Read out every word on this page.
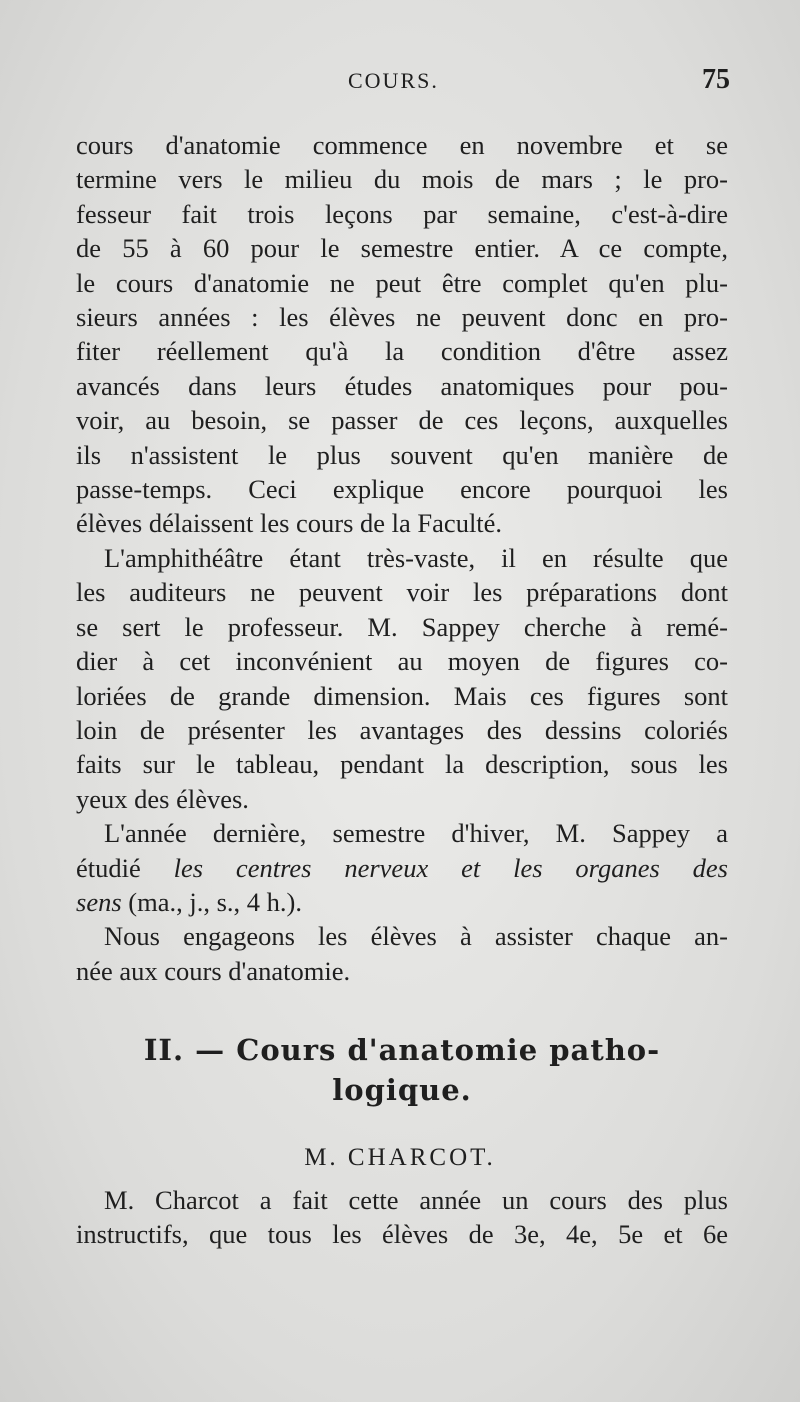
COURS.	75

cours d'anatomie commence en novembre et se
termine vers le milieu du mois de mars ; le pro-
fesseur fait trois leçons par semaine, c'est-à-dire
de 55 à 60 pour le semestre entier. A ce compte,
le cours d'anatomie ne peut être complet qu'en plu-
sieurs années : les élèves ne peuvent donc en pro-
fiter réellement qu'à la condition d'être assez
avancés dans leurs études anatomiques pour pou-
voir, au besoin, se passer de ces leçons, auxquelles
ils n'assistent le plus souvent qu'en manière de
passe-temps. Ceci explique encore pourquoi les
élèves délaissent les cours de la Faculté.

L'amphithéâtre étant très-vaste, il en résulte que
les auditeurs ne peuvent voir les préparations dont
se sert le professeur. M. Sappey cherche à remé-
dier à cet inconvénient au moyen de figures co-
loriées de grande dimension. Mais ces figures sont
loin de présenter les avantages des dessins coloriés
faits sur le tableau, pendant la description, sous les
yeux des élèves.

L'année dernière, semestre d'hiver, M. Sappey a
étudié les centres nerveux et les organes des
sens (ma., j., s., 4 h.).

Nous engageons les élèves à assister chaque an-
née aux cours d'anatomie.

II. — Cours d'anatomie patho-
logique.
M. CHARCOT.

M. Charcot a fait cette année un cours des plus
instructifs, que tous les élèves de 3e, 4e, 5e et 6e
